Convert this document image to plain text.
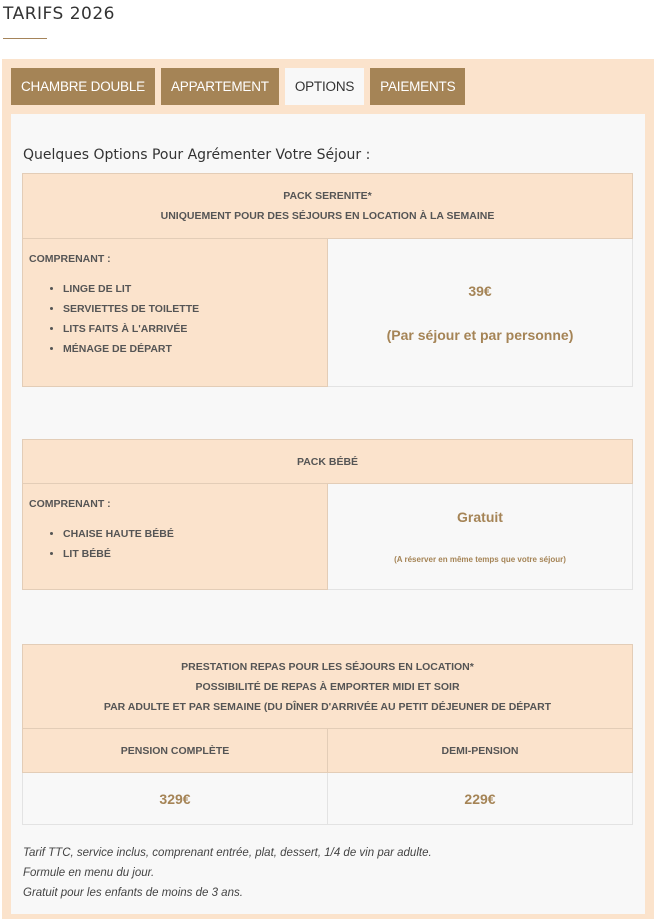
TARIFS 2026
CHAMBRE DOUBLE	APPARTEMENT	OPTIONS	PAIEMENTS

Quelques Options Pour Agrémenter Votre Séjour :

PACK SERENITE*
UNIQUEMENT POUR DES SÉJOURS EN LOCATION À LA SEMAINE

COMPRENANT :
• LINGE DE LIT
• SERVIETTES DE TOILETTE
• LITS FAITS À L'ARRIVÉE
• MÉNAGE DE DÉPART

39€
(Par séjour et par personne)
PACK BÉBÉ

COMPRENANT :
• CHAISE HAUTE BÉBÉ
• LIT BÉBÉ

Gratuit
(A réserver en même temps que votre séjour)
PRESTATION REPAS POUR LES SÉJOURS EN LOCATION*
POSSIBILITÉ DE REPAS À EMPORTER MIDI ET SOIR
PAR ADULTE ET PAR SEMAINE (DU DÎNER D'ARRIVÉE AU PETIT DÉJEUNER DE DÉPART	

PENSION COMPLÈTE	DEMI-PENSION
329€	229€
Tarif TTC, service inclus, comprenant entrée, plat, dessert, 1/4 de vin par adulte.
Formule en menu du jour.
Gratuit pour les enfants de moins de 3 ans.
